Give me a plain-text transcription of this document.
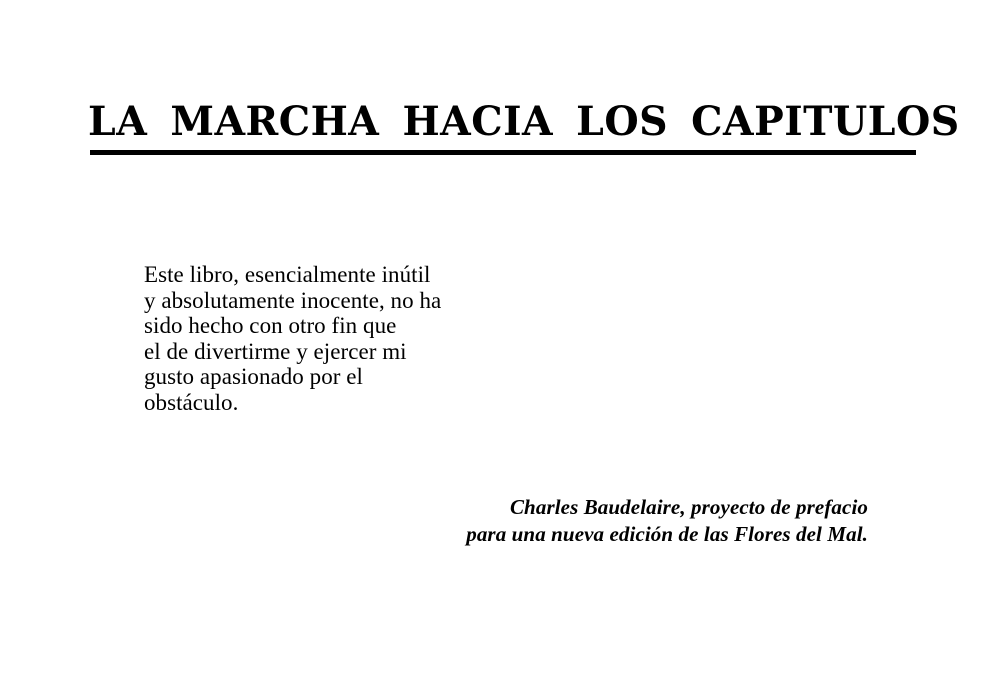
LA MARCHA HACIA LOS CAPITULOS

Este libro, esencialmente inútil

y absolutamente inocente, no ha

sido hecho con otro fin que

el de divertirme y ejercer mi

gusto apasionado por el

obstáculo.

Charles Baudelaire, proyecto de prefacio

para una nueva edición de las Flores del Mal.
